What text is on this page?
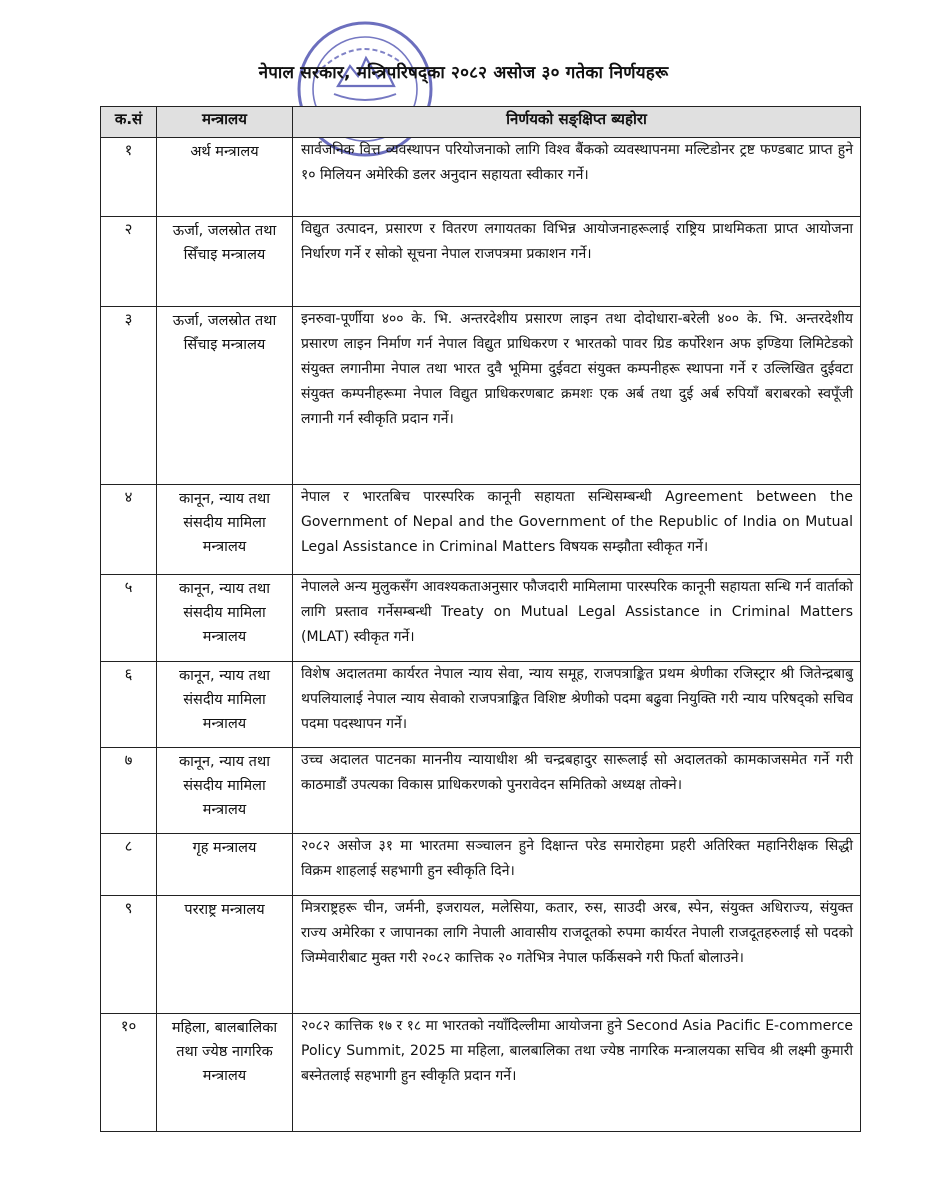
नेपाल सरकार, मन्त्रिपरिषद्‌का २०८२ असोज ३० गतेका निर्णयहरू
क.सं	मन्त्रालय	निर्णयको सङ्क्षिप्त ब्यहोरा
१	अर्थ मन्त्रालय	सार्वजनिक वित्त व्यवस्थापन परियोजनाको लागि विश्व बैंकको व्यवस्थापनमा मल्टिडोनर ट्रष्ट फण्डबाट प्राप्त हुने १० मिलियन अमेरिकी डलर अनुदान सहायता स्वीकार गर्ने।
२	ऊर्जा, जलस्रोत तथा सिँचाइ मन्त्रालय	विद्युत उत्पादन, प्रसारण र वितरण लगायतका विभिन्न आयोजनाहरूलाई राष्ट्रिय प्राथमिकता प्राप्त आयोजना निर्धारण गर्ने र सोको सूचना नेपाल राजपत्रमा प्रकाशन गर्ने।
३	ऊर्जा, जलस्रोत तथा सिँचाइ मन्त्रालय	इनरुवा-पूर्णीया ४०० के. भि. अन्तरदेशीय प्रसारण लाइन तथा दोदोधारा-बरेली ४०० के. भि. अन्तरदेशीय प्रसारण लाइन निर्माण गर्न नेपाल विद्युत प्राधिकरण र भारतको पावर ग्रिड कर्पोरेशन अफ इण्डिया लिमिटेडको संयुक्त लगानीमा नेपाल तथा भारत दुवै भूमिमा दुईवटा संयुक्त कम्पनीहरू स्थापना गर्ने र उल्लिखित दुईवटा संयुक्त कम्पनीहरूमा नेपाल विद्युत प्राधिकरणबाट क्रमशः एक अर्ब तथा दुई अर्ब रुपियाँ बराबरको स्वपूँजी लगानी गर्न स्वीकृति प्रदान गर्ने।
४	कानून, न्याय तथा संसदीय मामिला मन्त्रालय	नेपाल र भारतबिच पारस्परिक कानूनी सहायता सन्धिसम्बन्धी Agreement between the Government of Nepal and the Government of the Republic of India on Mutual Legal Assistance in Criminal Matters विषयक सम्झौता स्वीकृत गर्ने।
५	कानून, न्याय तथा संसदीय मामिला मन्त्रालय	नेपालले अन्य मुलुकसँग आवश्यकताअनुसार फौजदारी मामिलामा पारस्परिक कानूनी सहायता सन्धि गर्न वार्ताको लागि प्रस्ताव गर्नेसम्बन्धी Treaty on Mutual Legal Assistance in Criminal Matters (MLAT) स्वीकृत गर्ने।
६	कानून, न्याय तथा संसदीय मामिला मन्त्रालय	विशेष अदालतमा कार्यरत नेपाल न्याय सेवा, न्याय समूह, राजपत्राङ्कित प्रथम श्रेणीका रजिस्ट्रार श्री जितेन्द्रबाबु थपलियालाई नेपाल न्याय सेवाको राजपत्राङ्कित विशिष्ट श्रेणीको पदमा बढुवा नियुक्ति गरी न्याय परिषद्को सचिव पदमा पदस्थापन गर्ने।
७	कानून, न्याय तथा संसदीय मामिला मन्त्रालय	उच्च अदालत पाटनका माननीय न्यायाधीश श्री चन्द्रबहादुर सारूलाई सो अदालतको कामकाजसमेत गर्ने गरी काठमाडौं उपत्यका विकास प्राधिकरणको पुनरावेदन समितिको अध्यक्ष तोक्ने।
८	गृह मन्त्रालय	२०८२ असोज ३१ मा भारतमा सञ्चालन हुने दिक्षान्त परेड समारोहमा प्रहरी अतिरिक्त महानिरीक्षक सिद्धी विक्रम शाहलाई सहभागी हुन स्वीकृति दिने।
९	परराष्ट्र मन्त्रालय	मित्रराष्ट्रहरू चीन, जर्मनी, इजरायल, मलेसिया, कतार, रुस, साउदी अरब, स्पेन, संयुक्त अधिराज्य, संयुक्त राज्य अमेरिका र जापानका लागि नेपाली आवासीय राजदूतको रुपमा कार्यरत नेपाली राजदूतहरुलाई सो पदको जिम्मेवारीबाट मुक्त गरी २०८२ कात्तिक २० गतेभित्र नेपाल फर्किसक्ने गरी फिर्ता बोलाउने।
१०	महिला, बालबालिका तथा ज्येष्ठ नागरिक मन्त्रालय	२०८२ कात्तिक १७ र १८ मा भारतको नयाँदिल्लीमा आयोजना हुने Second Asia Pacific E-commerce Policy Summit, 2025 मा महिला, बालबालिका तथा ज्येष्ठ नागरिक मन्त्रालयका सचिव श्री लक्ष्मी कुमारी बस्नेतलाई सहभागी हुन स्वीकृति प्रदान गर्ने।
